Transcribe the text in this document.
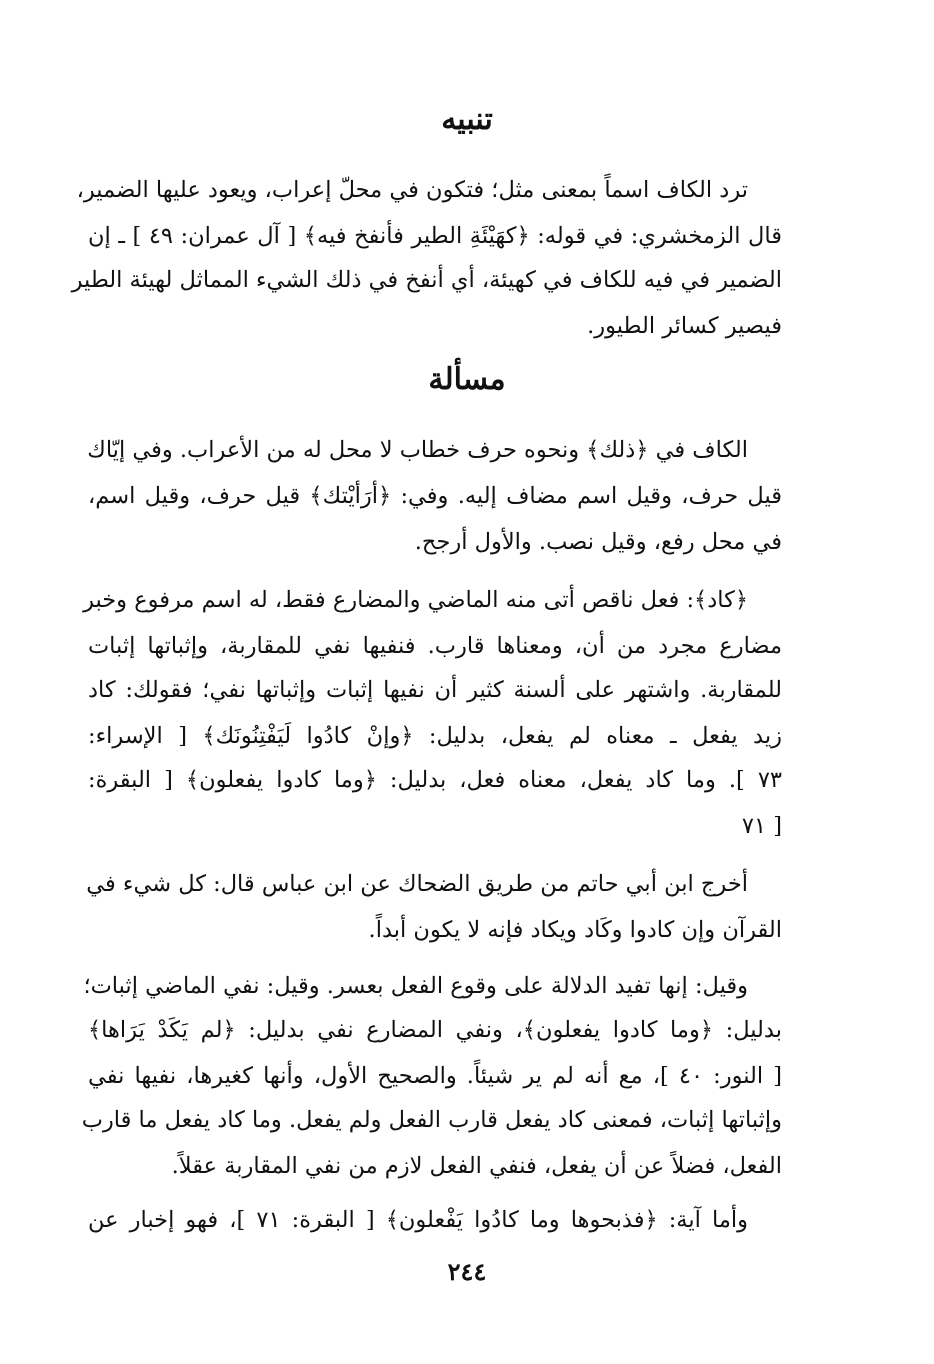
تنبيه
ترد الكاف اسماً بمعنى مثل؛ فتكون في محلّ إعراب، ويعود عليها الضمير،
قال الزمخشري: في قوله: ﴿كهَيْئَةِ الطير فأنفخ فيه﴾ [ آل عمران: ٤٩ ] ـ إن
الضمير في فيه للكاف في كهيئة، أي أنفخ في ذلك الشيء المماثل لهيئة الطير
فيصير كسائر الطيور.
مسألة
الكاف في ﴿ذلك﴾ ونحوه حرف خطاب لا محل له من الأعراب. وفي إيّاك
قيل حرف، وقيل اسم مضاف إليه. وفي: ﴿أرَأيْتك﴾ قيل حرف، وقيل اسم،
في محل رفع، وقيل نصب. والأول أرجح.
﴿كاد﴾: فعل ناقص أتى منه الماضي والمضارع فقط، له اسم مرفوع وخبر
مضارع مجرد من أن، ومعناها قارب. فنفيها نفي للمقاربة، وإثباتها إثبات
للمقاربة. واشتهر على ألسنة كثير أن نفيها إثبات وإثباتها نفي؛ فقولك: كاد
زيد يفعل ـ معناه لم يفعل، بدليل: ﴿وإنْ كادُوا لَيَفْتِنُونَك﴾ [ الإسراء:
٧٣ ]. وما كاد يفعل، معناه فعل، بدليل: ﴿وما كادوا يفعلون﴾ [ البقرة:
٧١ ]
أخرج ابن أبي حاتم من طريق الضحاك عن ابن عباس قال: كل شيء في
القرآن وإن كادوا وكَاد ويكاد فإنه لا يكون أبداً.
وقيل: إنها تفيد الدلالة على وقوع الفعل بعسر. وقيل: نفي الماضي إثبات؛
بدليل: ﴿وما كادوا يفعلون﴾، ونفي المضارع نفي بدليل: ﴿لم يَكَدْ يَرَاها﴾
[ النور: ٤٠ ]، مع أنه لم ير شيئاً. والصحيح الأول، وأنها كغيرها، نفيها نفي
وإثباتها إثبات، فمعنى كاد يفعل قارب الفعل ولم يفعل. وما كاد يفعل ما قارب
الفعل، فضلاً عن أن يفعل، فنفي الفعل لازم من نفي المقاربة عقلاً.
وأما آية: ﴿فذبحوها وما كادُوا يَفْعلون﴾ [ البقرة: ٧١ ]، فهو إخبار عن
٢٤٤
